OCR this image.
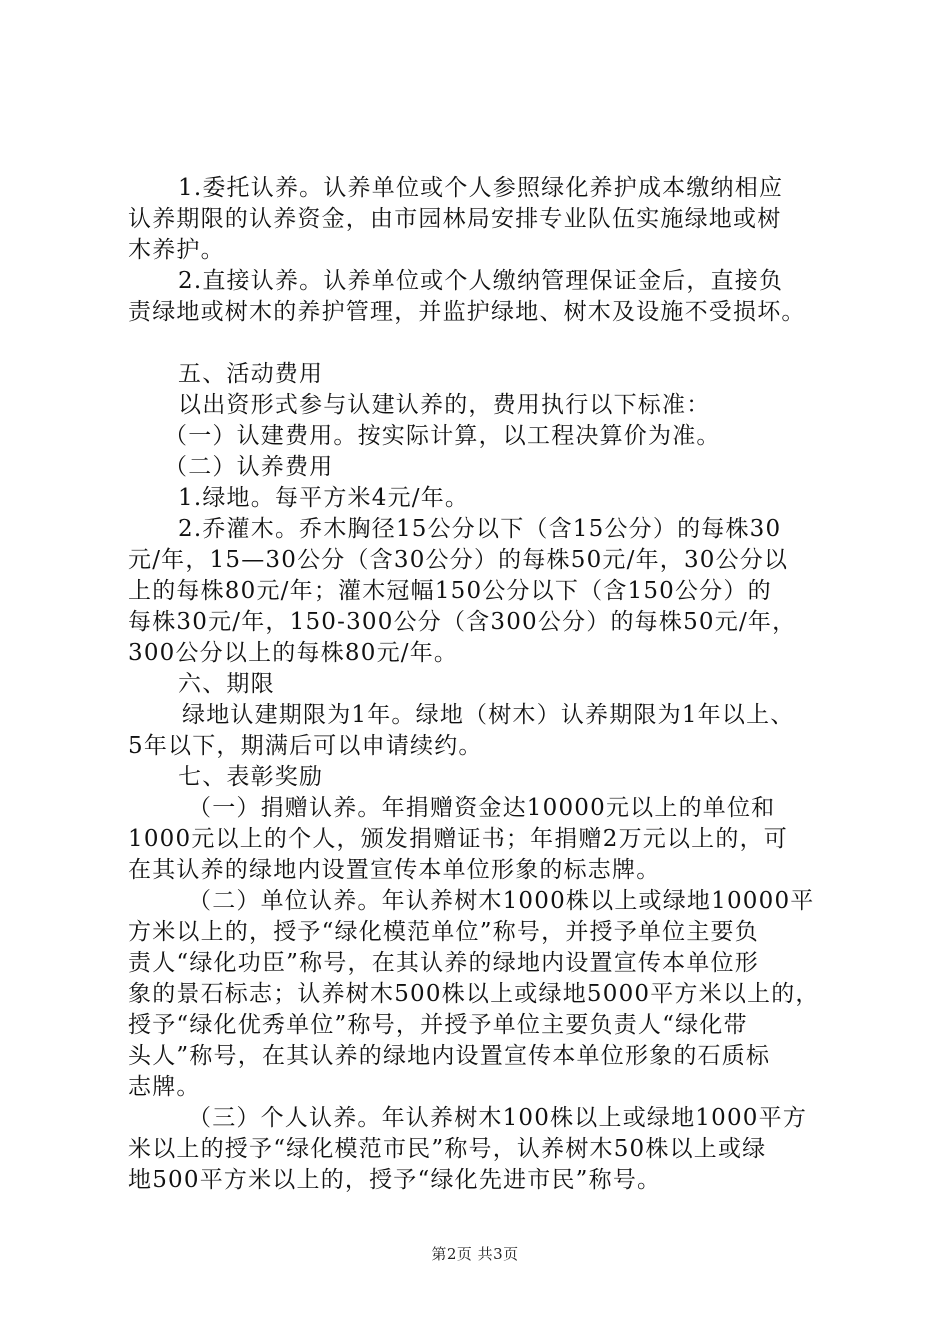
1.委托认养。认养单位或个人参照绿化养护成本缴纳相应
认养期限的认养资金，由市园林局安排专业队伍实施绿地或树
木养护。
2.直接认养。认养单位或个人缴纳管理保证金后，直接负
责绿地或树木的养护管理，并监护绿地、树木及设施不受损坏。
五、活动费用
以出资形式参与认建认养的，费用执行以下标准：
（一）认建费用。按实际计算，以工程决算价为准。
（二）认养费用
1.绿地。每平方米4元/年。
2.乔灌木。乔木胸径15公分以下（含15公分）的每株30
元/年，15—30公分（含30公分）的每株50元/年，30公分以
上的每株80元/年；灌木冠幅150公分以下（含150公分）的
每株30元/年，150-300公分（含300公分）的每株50元/年，
300公分以上的每株80元/年。
六、期限
绿地认建期限为1年。绿地（树木）认养期限为1年以上、
5年以下，期满后可以申请续约。
七、表彰奖励
（一）捐赠认养。年捐赠资金达10000元以上的单位和
1000元以上的个人，颁发捐赠证书；年捐赠2万元以上的，可
在其认养的绿地内设置宣传本单位形象的标志牌。
（二）单位认养。年认养树木1000株以上或绿地10000平
方米以上的，授予“绿化模范单位”称号，并授予单位主要负
责人“绿化功臣”称号，在其认养的绿地内设置宣传本单位形
象的景石标志；认养树木500株以上或绿地5000平方米以上的，
授予“绿化优秀单位”称号，并授予单位主要负责人“绿化带
头人”称号，在其认养的绿地内设置宣传本单位形象的石质标
志牌。
（三）个人认养。年认养树木100株以上或绿地1000平方
米以上的授予“绿化模范市民”称号，认养树木50株以上或绿
地500平方米以上的，授予“绿化先进市民”称号。
第2页 共3页
